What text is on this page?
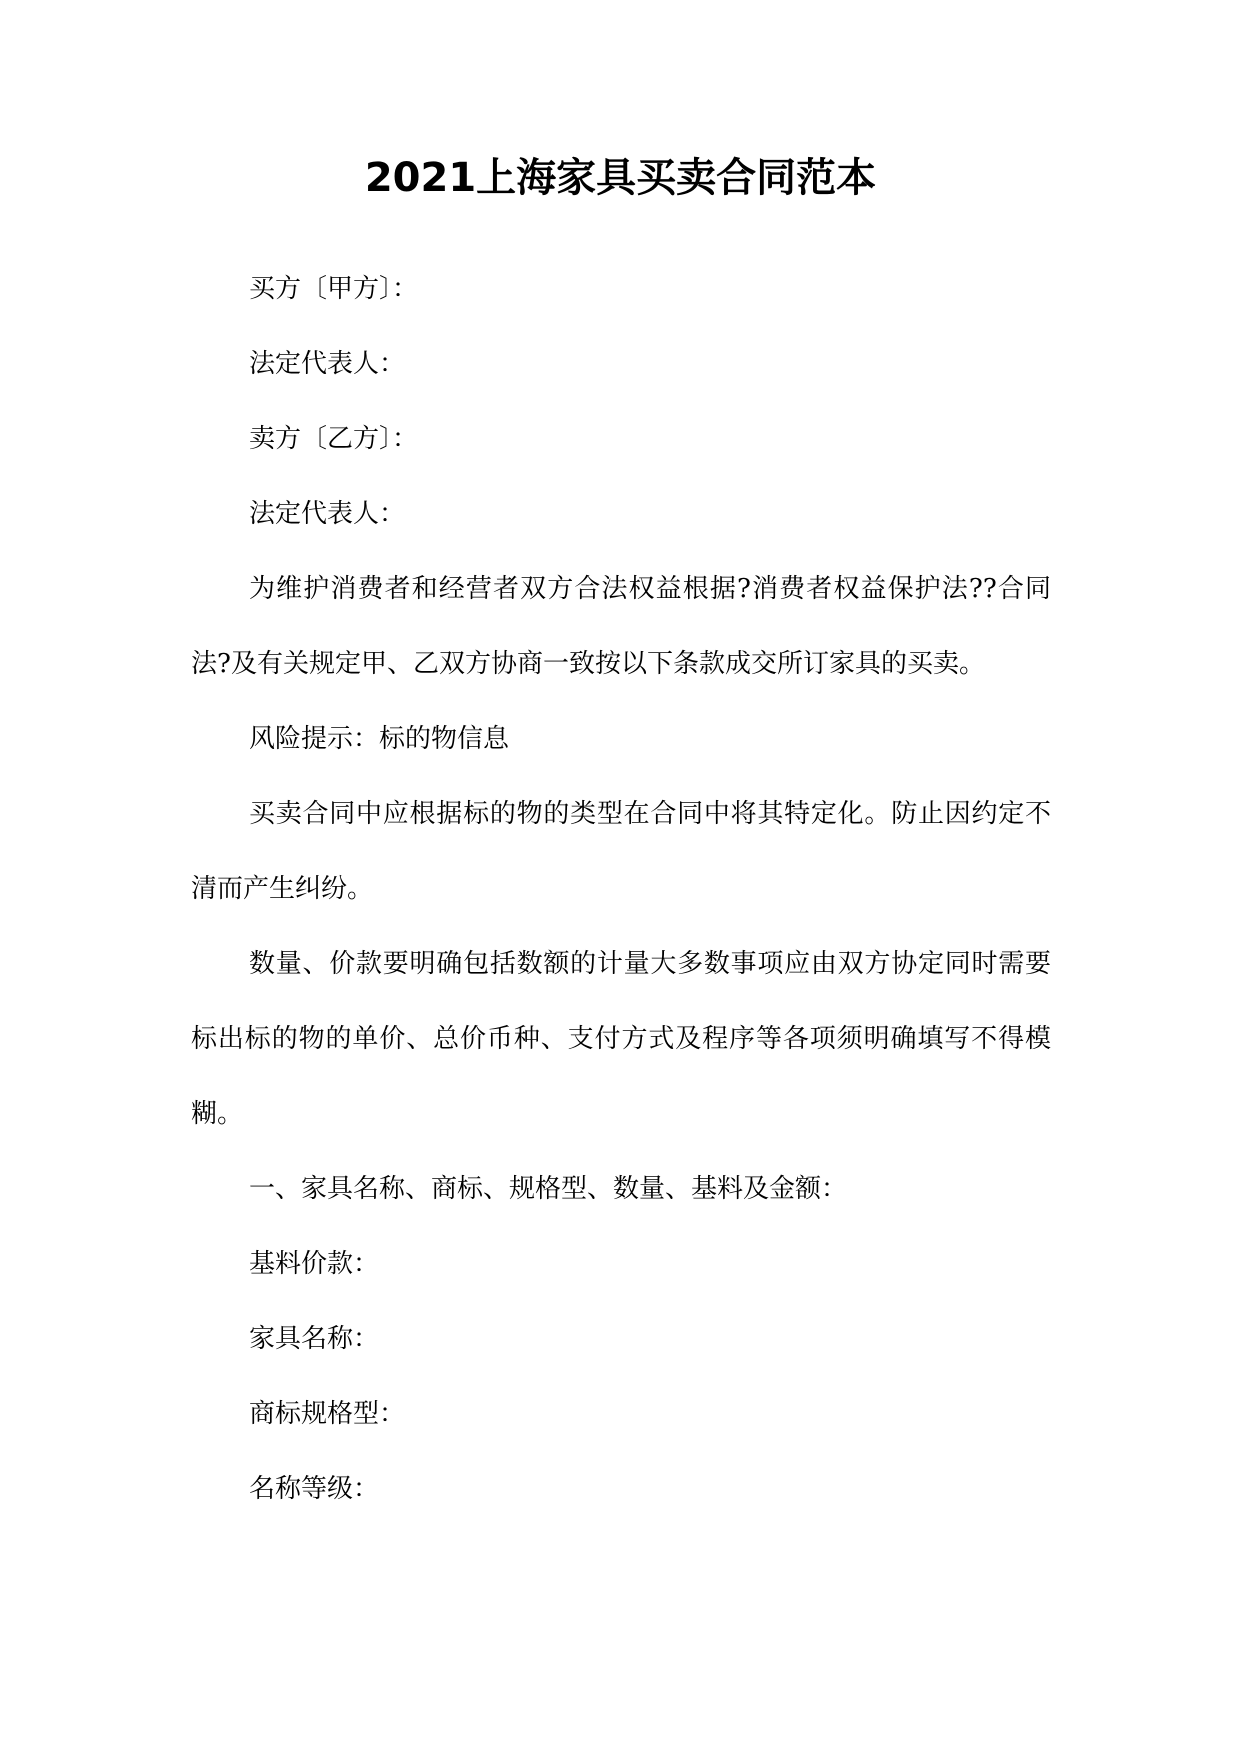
2021上海家具买卖合同范本

买方〔甲方〕：

法定代表人：

卖方〔乙方〕：

法定代表人：

为维护消费者和经营者双方合法权益根据?消费者权益保护法??合同法?及有关规定甲、乙双方协商一致按以下条款成交所订家具的买卖。

风险提示：标的物信息

买卖合同中应根据标的物的类型在合同中将其特定化。防止因约定不清而产生纠纷。

数量、价款要明确包括数额的计量大多数事项应由双方协定同时需要标出标的物的单价、总价币种、支付方式及程序等各项须明确填写不得模糊。

一、家具名称、商标、规格型、数量、基料及金额：

基料价款：

家具名称：

商标规格型：

名称等级：
